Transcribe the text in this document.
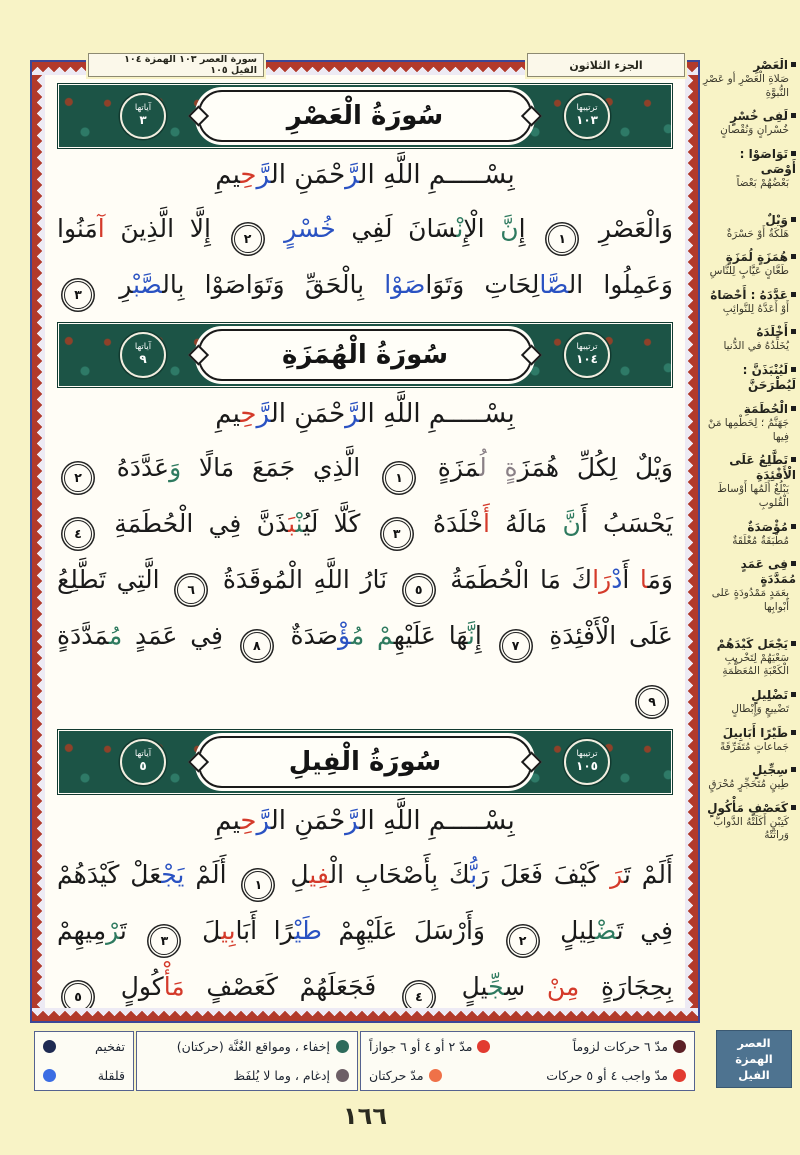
سورة العصر ١٠٣ الهمزة ١٠٤ الفيل ١٠٥	الجزء الثلاثون
ترتيبها
١٠٣
سُورَةُ الْعَصْرِ
آياتها
٣
بِسْـــــمِ اللَّهِ الرَّحْمَنِ الرَّحِيمِ
وَالْعَصْرِ ١ إِنَّ الْإِنْسَانَ لَفِي خُسْرٍ ٢ إِلَّا الَّذِينَ آمَنُوا
وَعَمِلُوا الصَّالِحَاتِ وَتَوَاصَوْا بِالْحَقِّ وَتَوَاصَوْا بِالصَّبْرِ ٣
ترتيبها
١٠٤
سُورَةُ الْهُمَزَةِ
آياتها
٩
بِسْـــــمِ اللَّهِ الرَّحْمَنِ الرَّحِيمِ
وَيْلٌ لِكُلِّ هُمَزَةٍ لُمَزَةٍ ١ الَّذِي جَمَعَ مَالًا وَعَدَّدَهُ ٢
يَحْسَبُ أَنَّ مَالَهُ أَخْلَدَهُ ٣ كَلَّا لَيُنْبَذَنَّ فِي الْحُطَمَةِ ٤
وَمَا أَدْرَاكَ مَا الْحُطَمَةُ ٥ نَارُ اللَّهِ الْمُوقَدَةُ ٦ الَّتِي تَطَّلِعُ
عَلَى الْأَفْئِدَةِ ٧ إِنَّهَا عَلَيْهِمْ مُؤْصَدَةٌ ٨ فِي عَمَدٍ مُمَدَّدَةٍ ٩
ترتيبها
١٠٥
سُورَةُ الْفِيلِ
آياتها
٥
بِسْـــــمِ اللَّهِ الرَّحْمَنِ الرَّحِيمِ
أَلَمْ تَرَ كَيْفَ فَعَلَ رَبُّكَ بِأَصْحَابِ الْفِيلِ ١ أَلَمْ يَجْعَلْ كَيْدَهُمْ
فِي تَضْلِيلٍ ٢ وَأَرْسَلَ عَلَيْهِمْ طَيْرًا أَبَابِيلَ ٣ تَرْمِيهِمْ
بِحِجَارَةٍ مِنْ سِجِّيلٍ ٤ فَجَعَلَهُمْ كَعَصْفٍ مَأْكُولٍ ٥
الْعَصْرِ
صَلاةِ الْعَصْرِ أو عَصْرِ النُّبوَّةِ
لَفِى خُسْرٍ
خُسْرانٍ وَنُقْصانٍ
تَوَاصَوْا : أَوْصَى
بَعْضُهُمْ بَعْضاً
وَيْلٌ
هَلَكَةٌ أَوْ حَسْرَةٌ
هُمَزَةٍ لُمَزَةٍ
طَعَّانٍ عَيَّابٍ لِلنَّاسِ
عَدَّدَهُ : أَحْصَاهُ
أَوْ أَعَدَّهُ لِلنَّوائِبِ
أَخْلَدَهُ
يُخَلِّدُهُ في الدُّنيا
لَيُنْبَذَنَّ : لَيُطْرَحَنَّ
الْحُطَمَةِ
جَهَنَّمُ ؛ لِحَطْمِها مَنْ فِيها
تَطَّلِعُ عَلَى الْأَفْئِدَةِ
يَبْلُغُ أَلَمُها أَوْساطَ الْقُلوبِ
مُؤْصَدَةٌ
مُطْبَقَةٌ مُغْلَقَةٌ
فِى عَمَدٍ مُمَدَّدَةٍ
بِعَمَدٍ مَمْدُودَةٍ عَلى أَبْوابِها
يَجْعَل كَيْدَهُمْ
سَعْيَهُمْ لِتَخْريبِ الْكَعْبَةِ المُعَظَّمَةِ
تَضْلِيلٍ
تَضْييعٍ وَإِبْطالٍ
طَيْرًا أَبَابِيلَ
جَماعاتٍ مُتَفَرِّقَةً
سِجِّيلٍ
طِينٍ مُتَحَجِّرٍ مُحْرَقٍ
كَعَصْفٍ مَأْكُولٍ
كَتِبْنٍ أَكَلَتْهُ الدَّوابُّ وَراثَتْهُ
تفخيم
قلقلة
إخفاء ، ومواقع الغُنَّة (حركتان)
إدغام ، وما لا يُلفَظ
مدّ ٦ حركات لزوماً
مدّ ٢ أو ٤ أو ٦ جوازاً
مدّ واجب ٤ أو ٥ حركات
مدّ حركتان
العصر
الهمزة
الفيل
١٦٦
